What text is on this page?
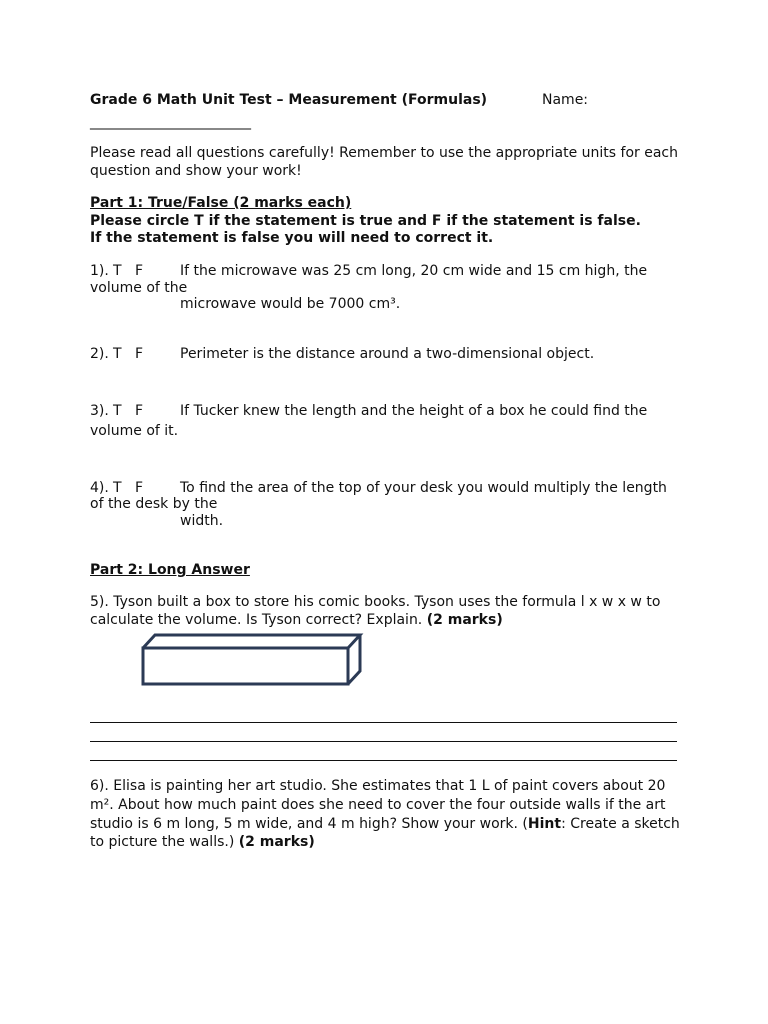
Grade 6 Math Unit Test – Measurement (Formulas)	Name:
_______________________
Please read all questions carefully! Remember to use the appropriate units for each
question and show your work!
Part 1: True/False (2 marks each)
Please circle T if the statement is true and F if the statement is false.
If the statement is false you will need to correct it.
1). T F	If the microwave was 25 cm long, 20 cm wide and 15 cm high, the
volume of the
microwave would be 7000 cm³.
2). T F	Perimeter is the distance around a two-dimensional object.
3). T F	If Tucker knew the length and the height of a box he could find the
volume of it.
4). T F	To find the area of the top of your desk you would multiply the length
of the desk by the
width.
Part 2: Long Answer
5). Tyson built a box to store his comic books. Tyson uses the formula l x w x w to
calculate the volume. Is Tyson correct? Explain. (2 marks)
6). Elisa is painting her art studio. She estimates that 1 L of paint covers about 20
m². About how much paint does she need to cover the four outside walls if the art
studio is 6 m long, 5 m wide, and 4 m high? Show your work. (Hint: Create a sketch
to picture the walls.) (2 marks)
